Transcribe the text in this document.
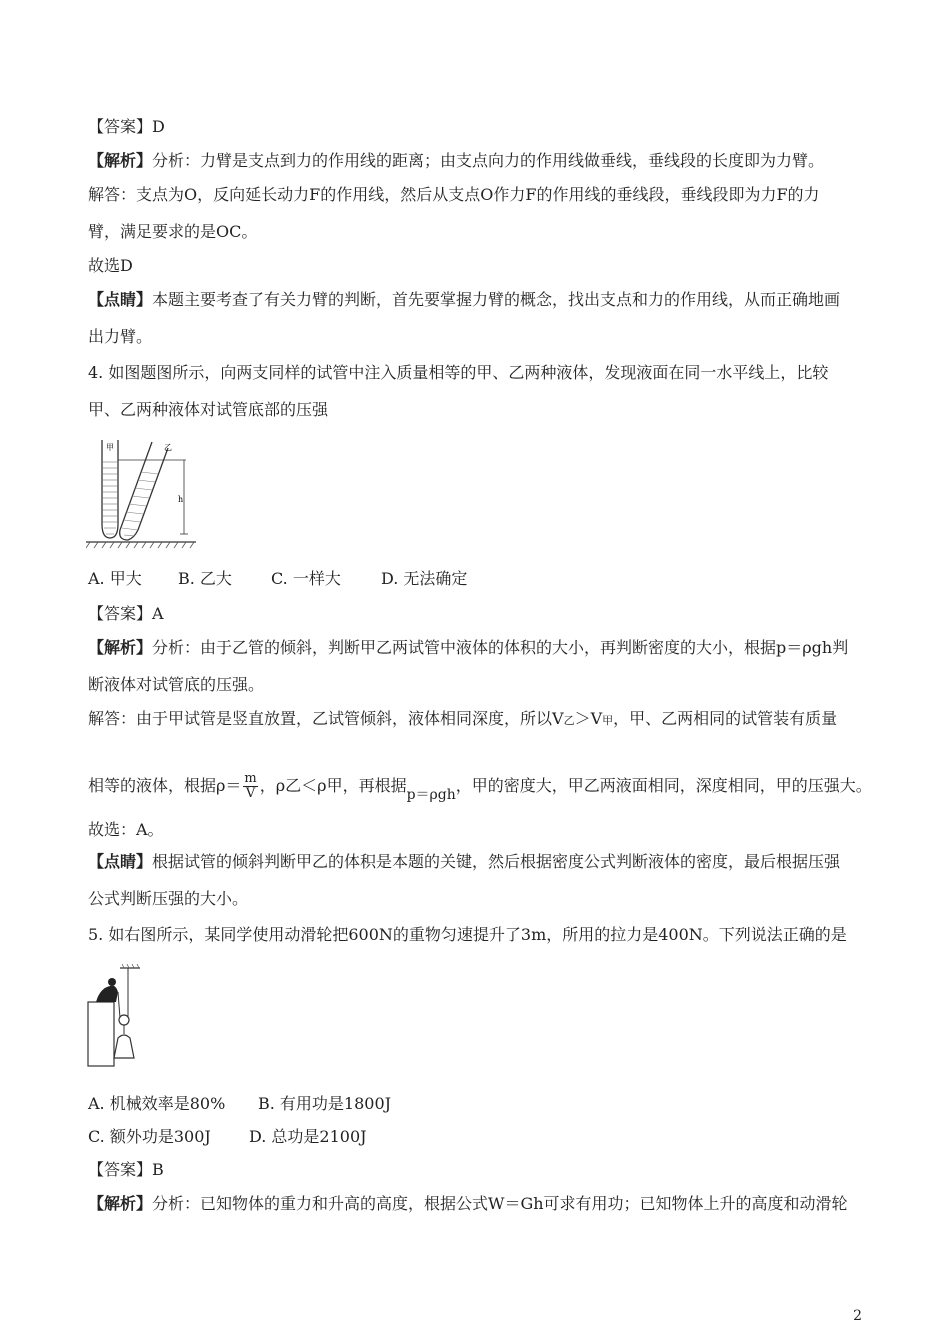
【答案】D
【解析】分析：力臂是支点到力的作用线的距离；由支点向力的作用线做垂线，垂线段的长度即为力臂。
解答：支点为O，反向延长动力F的作用线，然后从支点O作力F的作用线的垂线段，垂线段即为力F的力
臂，满足要求的是OC。
故选D
【点睛】本题主要考查了有关力臂的判断，首先要掌握力臂的概念，找出支点和力的作用线，从而正确地画
出力臂。
4. 如图题图所示，向两支同样的试管中注入质量相等的甲、乙两种液体，发现液面在同一水平线上，比较
甲、乙两种液体对试管底部的压强
甲	乙
h
A. 甲大 B. 乙大 C. 一样大	D. 无法确定
【答案】A
【解析】分析：由于乙管的倾斜，判断甲乙两试管中液体的体积的大小，再判断密度的大小，根据p＝ρgh判
断液体对试管底的压强。
解答：由于甲试管是竖直放置，乙试管倾斜，液体相同深度，所以V乙＞V甲，甲、乙两相同的试管装有质量
相等的液体，根据$\rho= \frac{m}{V}$ ，ρ乙＜ρ甲，再根据p＝ρgh，甲的密度大，甲乙两液面相同，深度相同，甲的压强大。
故选：A。
【点睛】根据试管的倾斜判断甲乙的体积是本题的关键，然后根据密度公式判断液体的密度，最后根据压强
公式判断压强的大小。
5. 如右图所示，某同学使用动滑轮把600N的重物匀速提升了3m，所用的拉力是400N。下列说法正确的是
A. 机械效率是80% B. 有用功是1800J
C. 额外功是300J D. 总功是2100J
【答案】B
【解析】分析：已知物体的重力和升高的高度，根据公式W＝Gh可求有用功；已知物体上升的高度和动滑轮
2
